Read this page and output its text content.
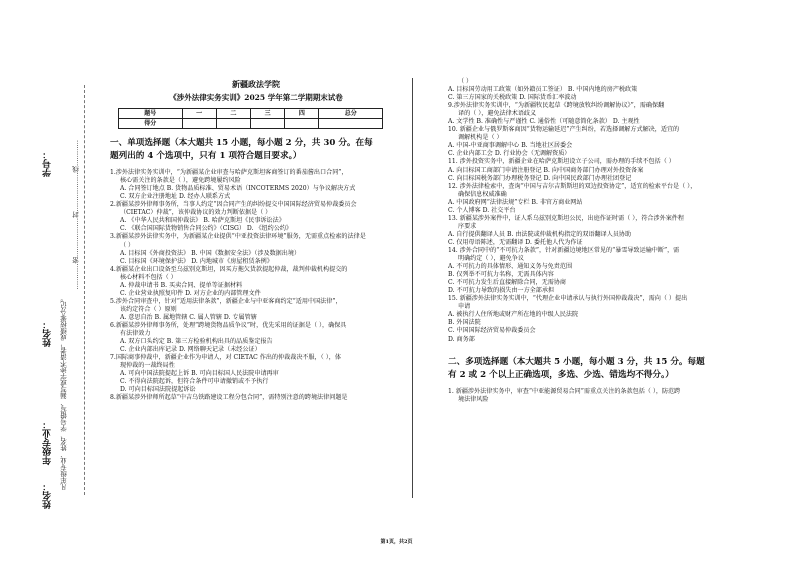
学号：
姓名：
年级专业：
姓名：
凡年级专业、姓名、学号错写、漏写或字迹不清者，成绩按零分记。
…………密………………封………………线…………
新疆政法学院
《涉外法律实务实训》2025 学年第二学期期末试卷
题号	一	二	三	四	总分
得分					
一、单项选择题（本大题共 15 小题，每小题 2 分，共 30 分。在每
题列出的 4 个选项中，只有 1 项符合题目要求。）
1.涉外法律实务实训中，“为新疆某企业审查与哈萨克斯坦客商签订的番茄酱出口合同”，
核心需关注的条款是（ ），避免跨境履约风险
A. 合同签订地点 B. 货物品质标准、贸易术语（INCOTERMS 2020）与争议解决方式
C. 双方企业注册地址 D. 经办人联系方式
2.新疆某涉外律师事务所，当事人约定“因合同产生的纠纷提交中国国际经济贸易仲裁委员会
（CIETAC）仲裁”，该仲裁协议的效力判断依据是（ ）
A. 《中华人民共和国仲裁法》 B. 哈萨克斯坦《民事诉讼法》
C. 《联合国国际货物销售合同公约》（CISG） D. 《纽约公约》
3.新疆某涉外法律实务中，为新疆某企业提供“中亚投资法律环境”服务，无需重点检索的法律是
（ ）
A. 目标国《外商投资法》 B. 中国《数据安全法》（涉及数据出境）
C. 目标国《环境保护法》 D. 内地城市《房屋租赁条例》
4.新疆某企业出口设备至乌兹别克斯坦，因买方拖欠货款提起仲裁，裁判仲裁机构提交的
核心材料不包括（ ）
A. 仲裁申请书 B. 买卖合同、提单等证据材料
C. 企业营业执照复印件 D. 对方企业的内部管理文件
5.涉外合同审查中，针对“适用法律条款”，新疆企业与中亚客商约定“适用中国法律”，
该约定符合（ ）原则
A. 意思自治 B. 属地管辖 C. 属人管辖 D. 专属管辖
6.新疆某涉外律师事务所，处理“跨境货物品质争议”时，优先采用的证据是（ ），确保具
有法律效力
A. 双方口头约定 B. 第三方检验机构出具的品质鉴定报告
C. 企业内部出库记录 D. 网络聊天记录（未经公证）
7.国际商事仲裁中，新疆企业作为申请人，对 CIETAC 作出的仲裁裁决不服，（ ），体
现仲裁的一裁终局性
A. 可向中国法院提起上诉 B. 可向目标国人民法院申请再审
C. 不得向法院起诉，但符合条件可申请撤销或不予执行
D. 可向目标国法院提起诉讼
8.新疆某涉外律师所起草“中吉乌铁路建设工程分包合同”，需特别注意的跨境法律问题是
（ ）
A. 目标国劳动用工政策（如外籍员工签证） B. 中国内地的房产税政策
C. 第三方国家的关税政策 D. 国际货币汇率波动
9.涉外法律实务实训中，“为新疆牧民起草《跨境放牧纠纷调解协议》”，需确保翻
译的（ ），避免法律术语歧义
A. 文学性 B. 准确性与严谨性 C. 通俗性（可随意简化条款） D. 主观性
10. 新疆企业与俄罗斯客商因“货物运输延迟”产生纠纷，若选择调解方式解决，适宜的
调解机构是（ ）
A. 中国-中亚商事调解中心 B. 当地社区居委会
C. 企业内部工会 D. 行业协会（无调解资质）
11. 涉外投资实务中，新疆企业在哈萨克斯坦设立子公司，需办理的手续不包括（ ）
A. 向目标国工商部门申请注册登记 B. 向中国商务部门办理对外投资备案
C. 向目标国税务部门办理税务登记 D. 向中国民政部门办理社团登记
12. 涉外法律检索中，查询“中国与吉尔吉斯斯坦的双边投资协定”，适宜的检索平台是（ ），
确保信息权威准确
A. 中国政府网“法律法规”专栏 B. 非官方商业网站
C. 个人博客 D. 社交平台
13. 新疆某涉外案件中，证人系乌兹别克斯坦公民，出庭作证时需（ ），符合涉外案件程
序要求
A. 自行提供翻译人员 B. 由法院或仲裁机构指定的双语翻译人员协助
C. 仅用母语陈述，无需翻译 D. 委托他人代为作证
14. 涉外合同中的“不可抗力条款”，针对新疆边境地区常见的“暴雪导致运输中断”，需
明确约定（ ），避免争议
A. 不可抗力的具体情形、通知义务与免责范围
B. 仅列举不可抗力名称，无需具体内容
C. 不可抗力发生后直接解除合同，无需协商
D. 不可抗力导致的损失由一方全部承担
15. 新疆涉外法律实务实训中，“代理企业申请承认与执行外国仲裁裁决”，需向（ ）提出
申请
A. 被执行人住所地或财产所在地的中级人民法院
B. 外国法院
C. 中国国际经济贸易仲裁委员会
D. 商务部
二、多项选择题（本大题共 5 小题，每小题 3 分，共 15 分。每题
有 2 或 2 个以上正确选项，多选、少选、错选均不得分。）
1. 新疆涉外法律实务中，审查“中亚能源贸易合同”需重点关注的条款包括（ ），防范跨
境法律风险
第1页，共2页
